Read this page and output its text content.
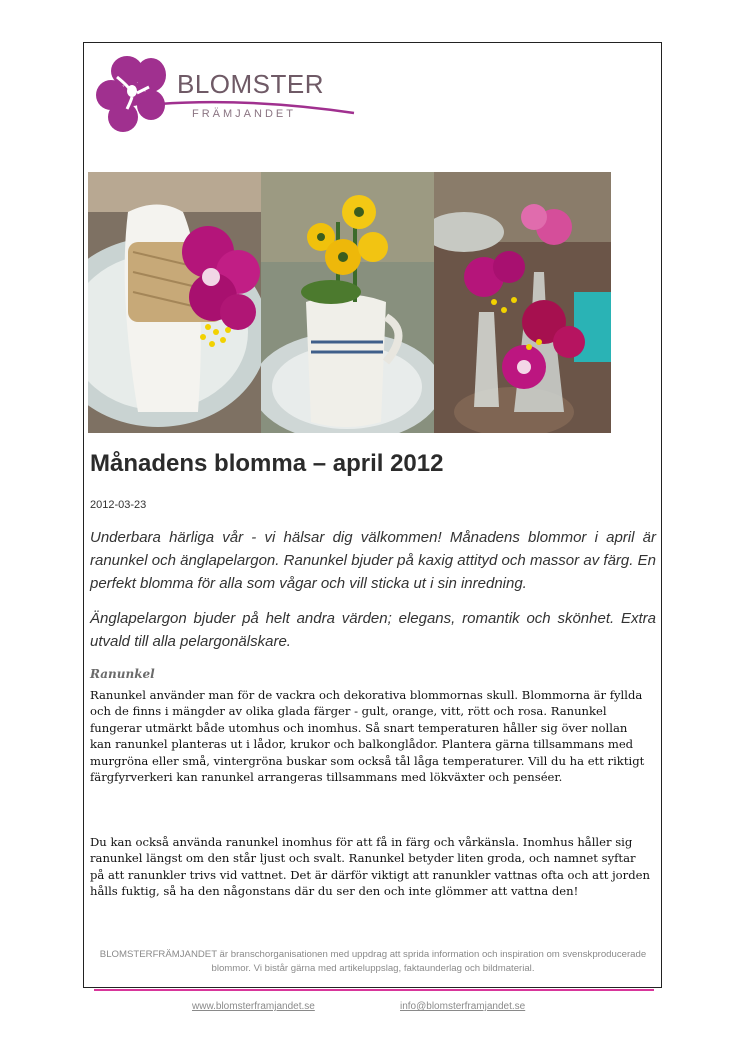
BLOMSTER
FRÄMJANDET
Månadens blomma – april 2012
2012-03-23

Underbara härliga vår - vi hälsar dig välkommen! Månadens blommor i april är ranunkel och änglapelargon. Ranunkel bjuder på kaxig attityd och massor av färg. En perfekt blomma för alla som vågar och vill sticka ut i sin inredning.

Änglapelargon bjuder på helt andra värden; elegans, romantik och skönhet. Extra utvald till alla pelargonälskare.

Ranunkel

Ranunkel använder man för de vackra och dekorativa blommornas skull. Blommorna är fyllda och de finns i mängder av olika glada färger - gult, orange, vitt, rött och rosa. Ranunkel fungerar utmärkt både utomhus och inomhus. Så snart temperaturen håller sig över nollan kan ranunkel planteras ut i lådor, krukor och balkonglådor. Plantera gärna tillsammans med murgröna eller små, vintergröna buskar som också tål låga temperaturer. Vill du ha ett riktigt färgfyrverkeri kan ranunkel arrangeras tillsammans med lökväxter och penséer.

Du kan också använda ranunkel inomhus för att få in färg och vårkänsla. Inomhus håller sig ranunkel längst om den står ljust och svalt. Ranunkel betyder liten groda, och namnet syftar på att ranunkler trivs vid vattnet. Det är därför viktigt att ranunkler vattnas ofta och att jorden hålls fuktig, så ha den någonstans där du ser den och inte glömmer att vattna den!

BLOMSTERFRÄMJANDET är branschorganisationen med uppdrag att sprida information och inspiration om svenskproducerade blommor. Vi bistår gärna med artikeluppslag, faktaunderlag och bildmaterial.

www.blomsterframjandet.se	info@blomsterframjandet.se
